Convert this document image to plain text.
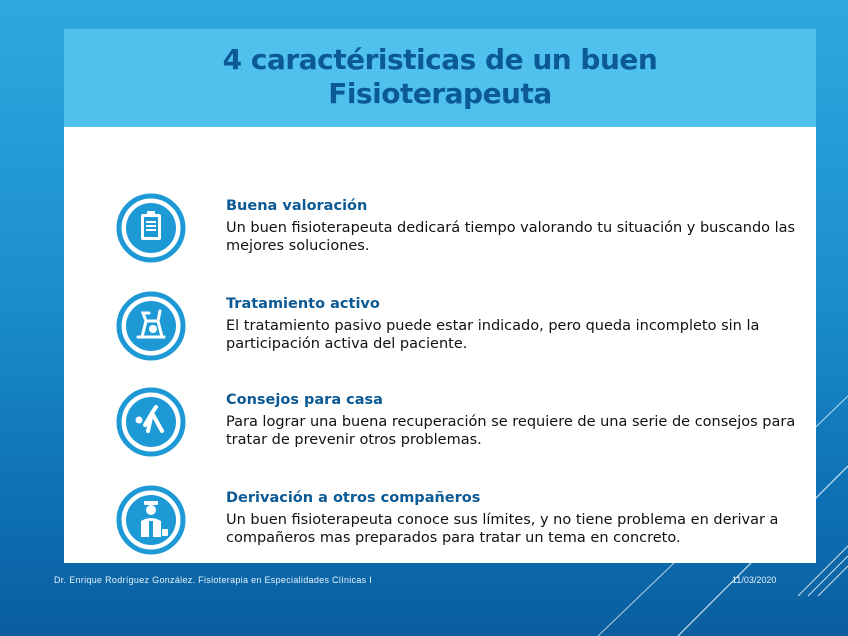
4 caractéristicas de un buen
Fisioterapeuta
Buena valoración
Un buen fisioterapeuta dedicará tiempo valorando tu situación y buscando las mejores soluciones.
Tratamiento activo
El tratamiento pasivo puede estar indicado, pero queda incompleto sin la participación activa del paciente.
Consejos para casa
Para lograr una buena recuperación se requiere de una serie de consejos para tratar de prevenir otros problemas.
Derivación a otros compañeros
Un buen fisioterapeuta conoce sus límites, y no tiene problema en derivar a compañeros mas preparados para tratar un tema en concreto.
Dr. Enrique Rodríguez González. Fisioterapia en Especialidades Clínicas I	11/03/2020
